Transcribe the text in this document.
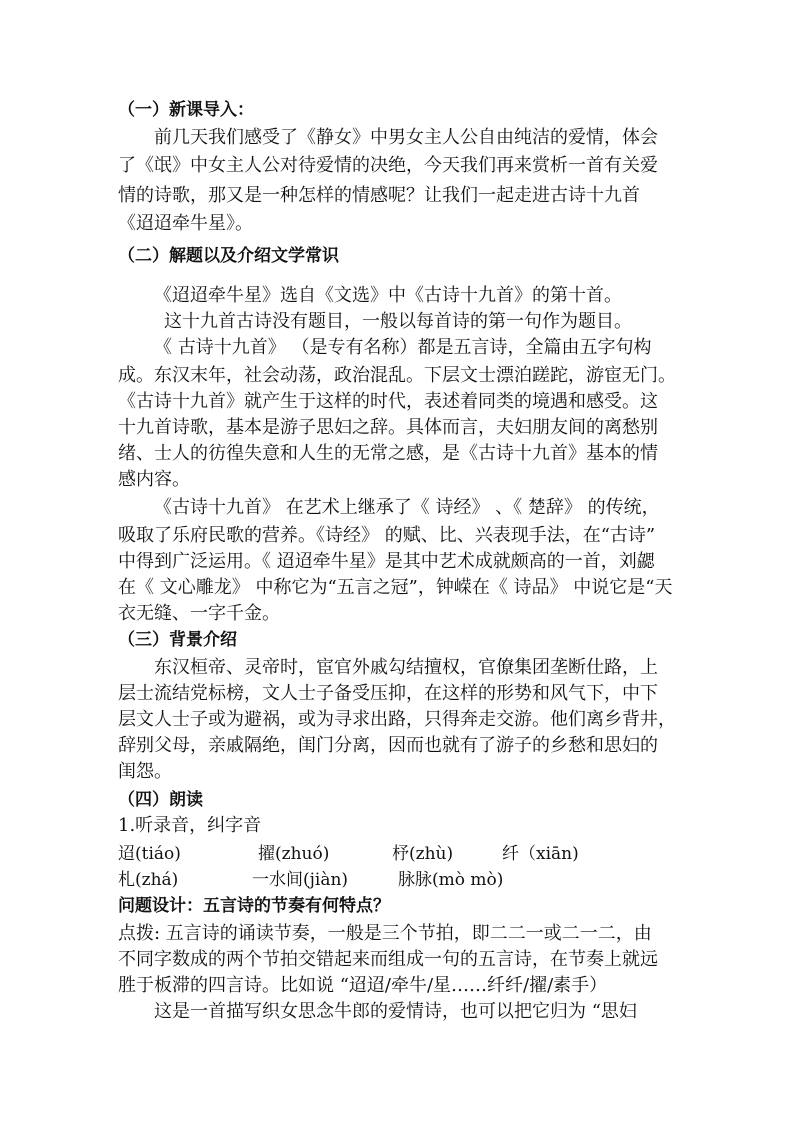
（一）新课导入：
前几天我们感受了《静女》中男女主人公自由纯洁的爱情，体会
了《氓》中女主人公对待爱情的决绝，今天我们再来赏析一首有关爱
情的诗歌，那又是一种怎样的情感呢？让我们一起走进古诗十九首
《迢迢牵牛星》。
（二）解题以及介绍文学常识
《迢迢牵牛星》选自《文选》中《古诗十九首》的第十首。
这十九首古诗没有题目，一般以每首诗的第一句作为题目。
《 古诗十九首》 （是专有名称）都是五言诗，全篇由五字句构
成。东汉末年，社会动荡，政治混乱。下层文士漂泊蹉跎，游宦无门。
《古诗十九首》就产生于这样的时代，表述着同类的境遇和感受。这
十九首诗歌，基本是游子思妇之辞。具体而言，夫妇朋友间的离愁别
绪、士人的彷徨失意和人生的无常之感，是《古诗十九首》基本的情
感内容。
《古诗十九首》 在艺术上继承了《 诗经》 、《 楚辞》 的传统，
吸取了乐府民歌的营养。《诗经》 的赋、比、兴表现手法，在“古诗”
中得到广泛运用。《 迢迢牵牛星》是其中艺术成就颇高的一首，刘勰
在《 文心雕龙》 中称它为“五言之冠”，钟嵘在《 诗品》 中说它是“天
衣无缝、一字千金。
（三）背景介绍
东汉桓帝、灵帝时，宦官外戚勾结擅权，官僚集团垄断仕路，上
层士流结党标榜，文人士子备受压抑，在这样的形势和风气下，中下
层文人士子或为避祸，或为寻求出路，只得奔走交游。他们离乡背井，
辞别父母，亲戚隔绝，闺门分离，因而也就有了游子的乡愁和思妇的
闺怨。
（四）朗读
1.听录音，纠字音
迢(tiáo)	擢(zhuó)	杼(zhù)	纤（xiān)
札(zhá)	一水间(jiàn)	脉脉(mò mò)
问题设计：五言诗的节奏有何特点？
点拨: 五言诗的诵读节奏，一般是三个节拍，即二二一或二一二，由
不同字数成的两个节拍交错起来而组成一句的五言诗，在节奏上就远
胜于板滞的四言诗。比如说 “迢迢/牵牛/星……纤纤/擢/素手）
这是一首描写织女思念牛郎的爱情诗，也可以把它归为 “思妇
